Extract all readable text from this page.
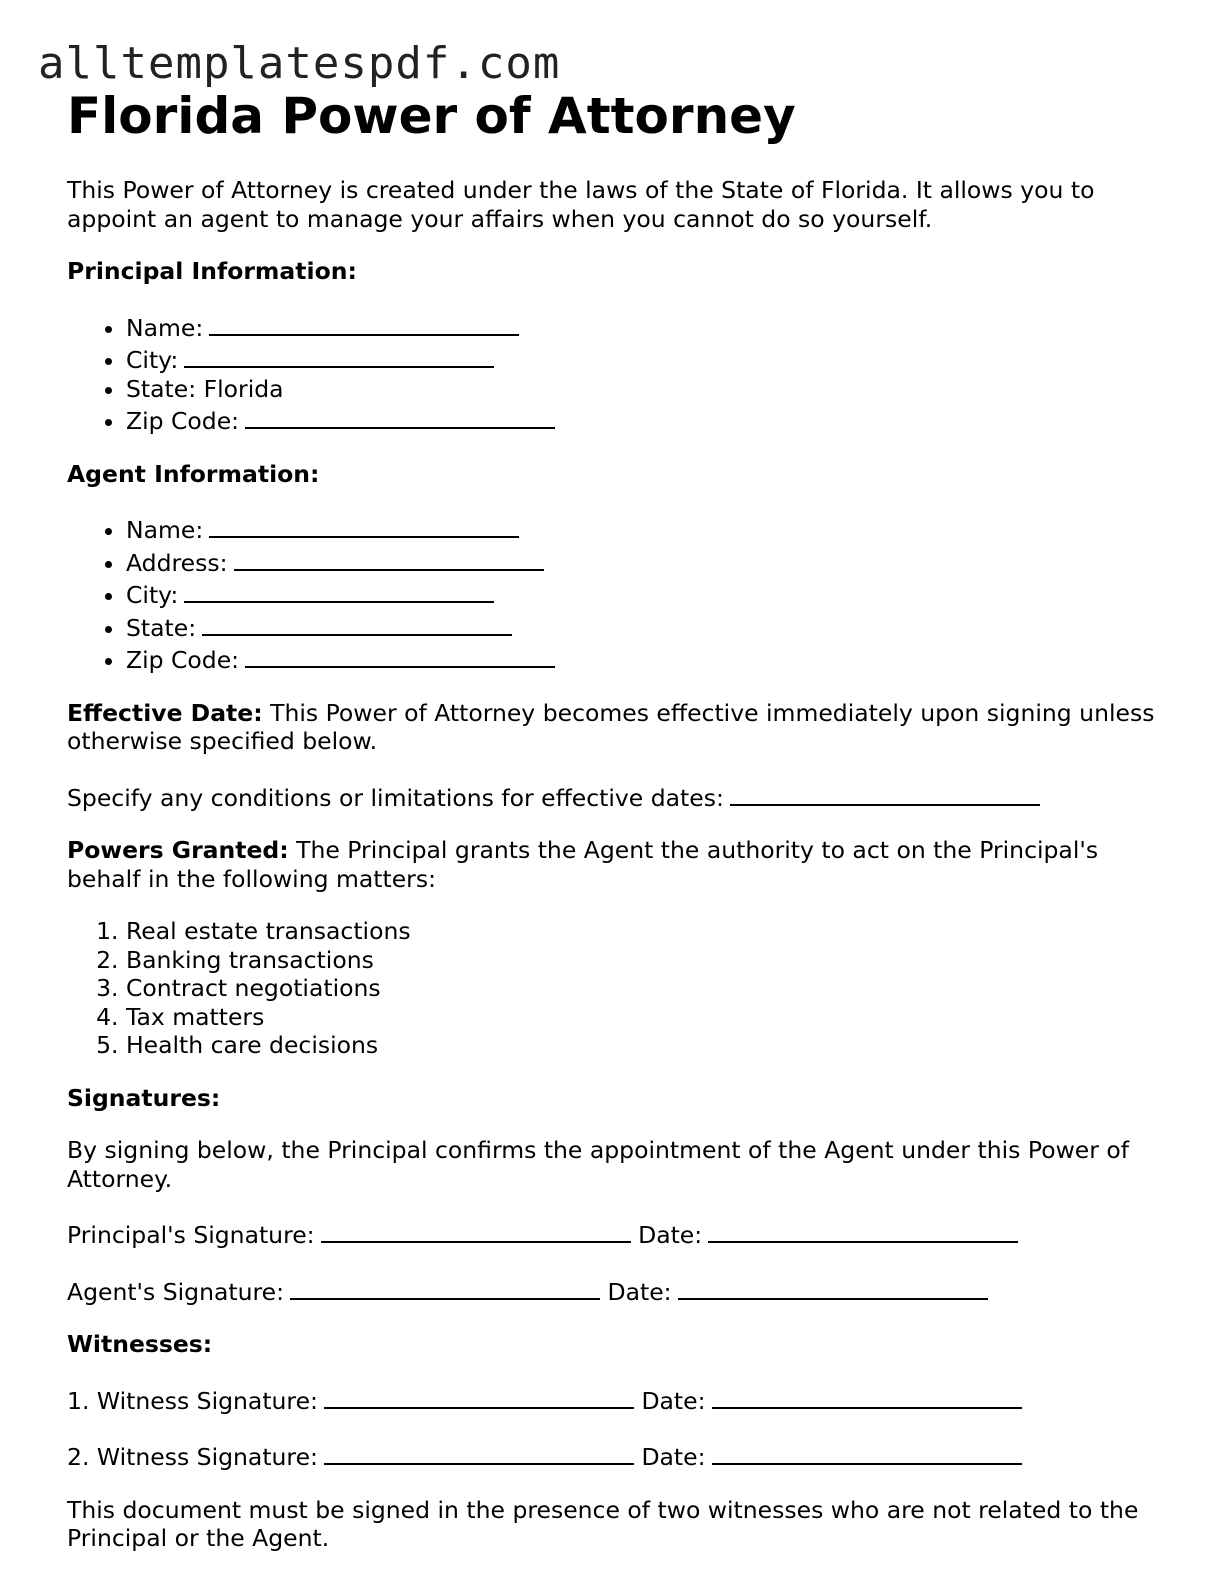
alltemplatespdf.com
Florida Power of Attorney

This Power of Attorney is created under the laws of the State of Florida. It allows you to appoint an agent to manage your affairs when you cannot do so yourself.

Principal Information:

• Name:
• City:
• State: Florida
• Zip Code:

Agent Information:

• Name:
• Address:
• City:
• State:
• Zip Code:

Effective Date: This Power of Attorney becomes effective immediately upon signing unless otherwise specified below.

Specify any conditions or limitations for effective dates:

Powers Granted: The Principal grants the Agent the authority to act on the Principal's behalf in the following matters:

1. Real estate transactions
2. Banking transactions
3. Contract negotiations
4. Tax matters
5. Health care decisions

Signatures:

By signing below, the Principal confirms the appointment of the Agent under this Power of Attorney.

Principal's Signature:	Date:

Agent's Signature:	Date:

Witnesses:

1. Witness Signature:	Date:

2. Witness Signature:	Date:

This document must be signed in the presence of two witnesses who are not related to the Principal or the Agent.
